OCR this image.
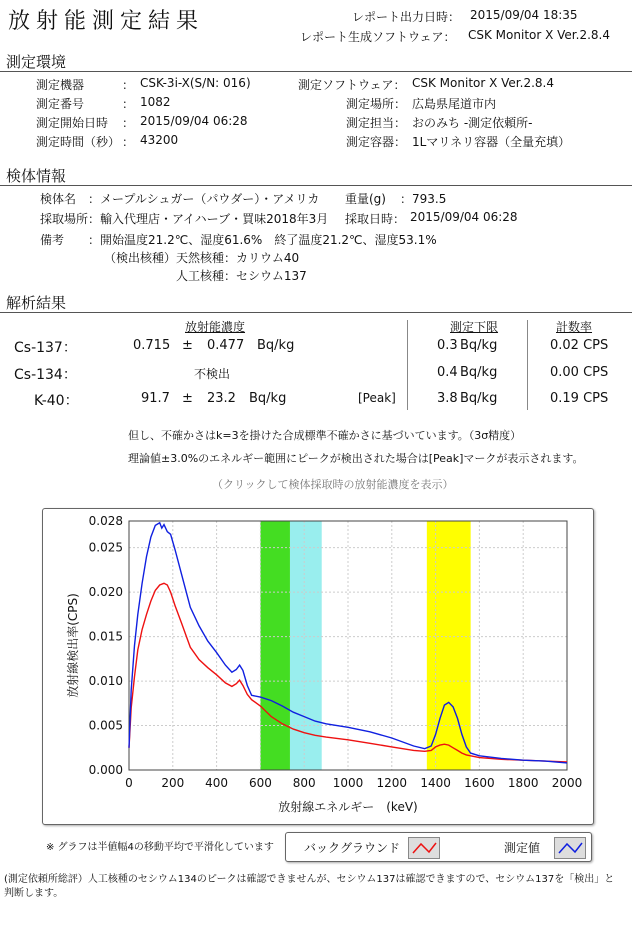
放射能測定結果	レポート出力日時： 2015/09/04 18:35
レポート生成ソフトウェア： CSK Monitor X Ver.2.8.4
測定環境
測定機器	： CSK-3i-X(S/N: 016)
測定番号	： 1082
測定開始日時 ： 2015/09/04 06:28
測定時間（秒） ： 43200
測定ソフトウェア： CSK Monitor X Ver.2.8.4
測定場所： 広島県尾道市内
測定担当： おのみち -測定依頼所-
測定容器： 1Lマリネリ容器（全量充填）
検体情報
検体名 ：メープルシュガー（パウダー）・アメリカ 重量(g) ：793.5
採取場所 ：輸入代理店・アイハーブ・買味2018年3月 採取日時： 2015/09/04 06:28
備考 ：開始温度21.2℃、湿度61.6%　終了温度21.2℃、湿度53.1%
（検出核種）天然核種：カリウム40
人工核種：セシウム137
解析結果
放射能濃度	測定下限	計数率
Cs-137：	0.715 ± 0.477 Bq/kg	0.3 Bq/kg	0.02 CPS
Cs-134：	不検出	0.4 Bq/kg	0.00 CPS
K-40：	91.7 ± 23.2 Bq/kg	[Peak]	3.8 Bq/kg	0.19 CPS
但し、不確かさはk=3を掛けた合成標準不確かさに基づいています。（3σ精度）
理論値±3.0%のエネルギー範囲にピークが検出された場合は[Peak]マークが表示されます。
（クリックして検体採取時の放射能濃度を表示）
0 200 400 600 800 1000 1200 1400 1600 1800 2000
0.000
0.005
0.010
0.015
0.020
0.025
0.028
放射線エネルギー　(keV)
放射線検出率(CPS)
※ グラフは半値幅4の移動平均で平滑化しています	バックグラウンド	測定値
(測定依頼所総評）人工核種のセシウム134のピークは確認できませんが、セシウム137は確認できますので、セシウム137を「検出」と
判断します。
